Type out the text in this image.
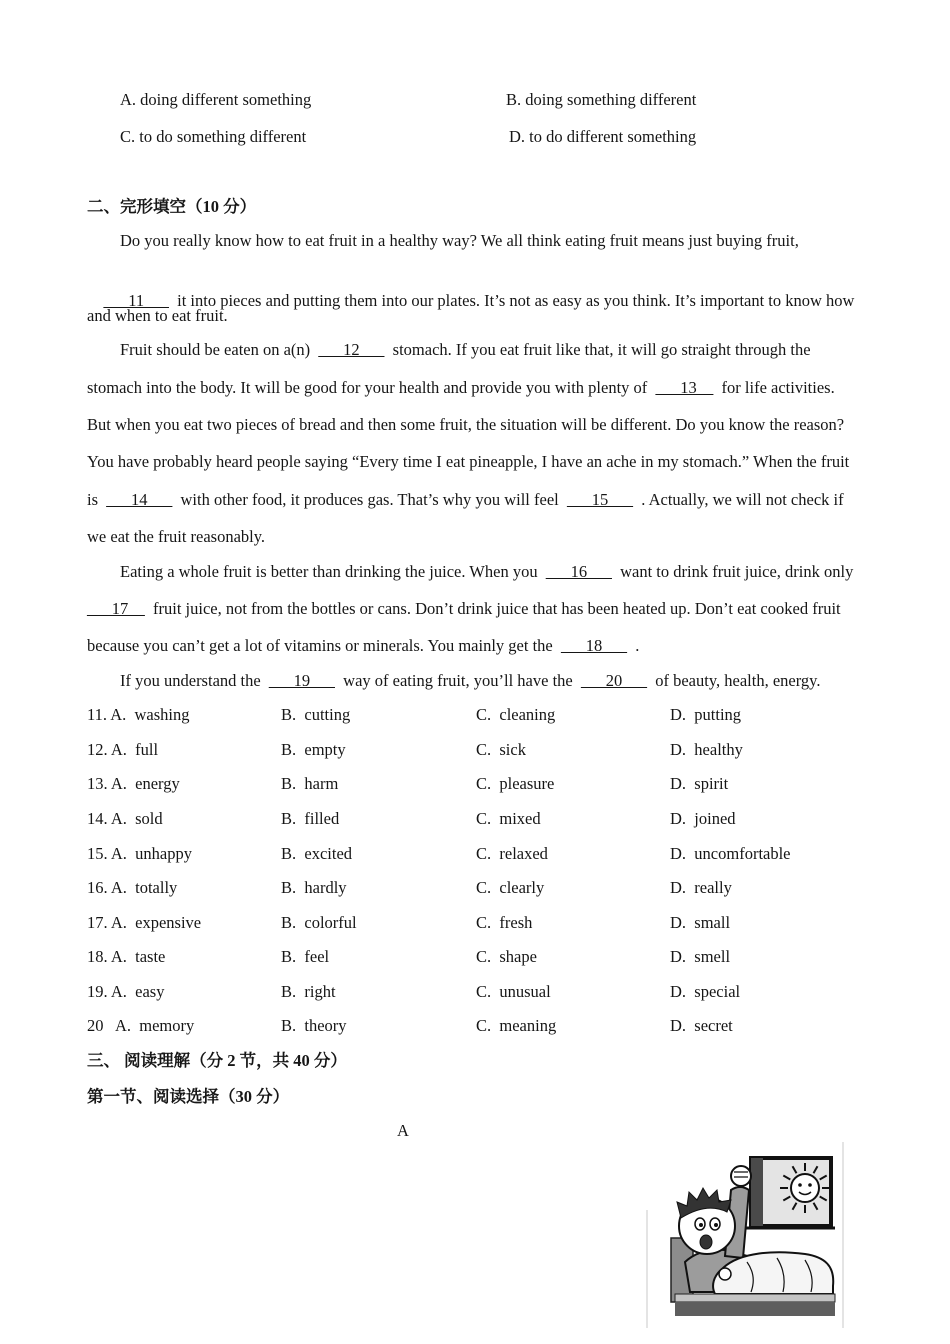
A. doing different something	B. doing something different
C. to do something different	D. to do different something
二、完形填空（10 分）
Do you really know how to eat fruit in a healthy way? We all think eating fruit means just buying fruit,

___11___  it into pieces and putting them into our plates. It’s not as easy as you think. It’s important to know how

and when to eat fruit.
Fruit should be eaten on a(n)  ___12___  stomach. If you eat fruit like that, it will go straight through the
stomach into the body. It will be good for your health and provide you with plenty of  ___13__  for life activities.
But when you eat two pieces of bread and then some fruit, the situation will be different. Do you know the reason?
You have probably heard people saying “Every time I eat pineapple, I have an ache in my stomach.” When the fruit
is  ___14___  with other food, it produces gas. That’s why you will feel  ___15___  . Actually, we will not check if
we eat the fruit reasonably.
Eating a whole fruit is better than drinking the juice. When you  ___16___  want to drink fruit juice, drink only
___17__  fruit juice, not from the bottles or cans. Don’t drink juice that has been heated up. Don’t eat cooked fruit
because you can’t get a lot of vitamins or minerals. You mainly get the  ___18___  .
If you understand the  ___19___  way of eating fruit, you’ll have the  ___20___  of beauty, health, energy.
11. A.  washing	B.  cutting	C.  cleaning	D.  putting
12. A.  full	B.  empty	C.  sick	D.  healthy
13. A.  energy	B.  harm	C.  pleasure	D.  spirit
14. A.  sold	B.  filled	C.  mixed	D.  joined
15. A.  unhappy	B.  excited	C.  relaxed	D.  uncomfortable
16. A.  totally	B.  hardly	C.  clearly	D.  really
17. A.  expensive	B.  colorful	C.  fresh	D.  small
18. A.  taste	B.  feel	C.  shape	D.  smell
19. A.  easy	B.  right	C.  unusual	D.  special
20   A.  memory	B.  theory	C.  meaning	D.  secret
三、 阅读理解（分 2 节，共 40 分）
第一节、阅读选择（30 分）
A
